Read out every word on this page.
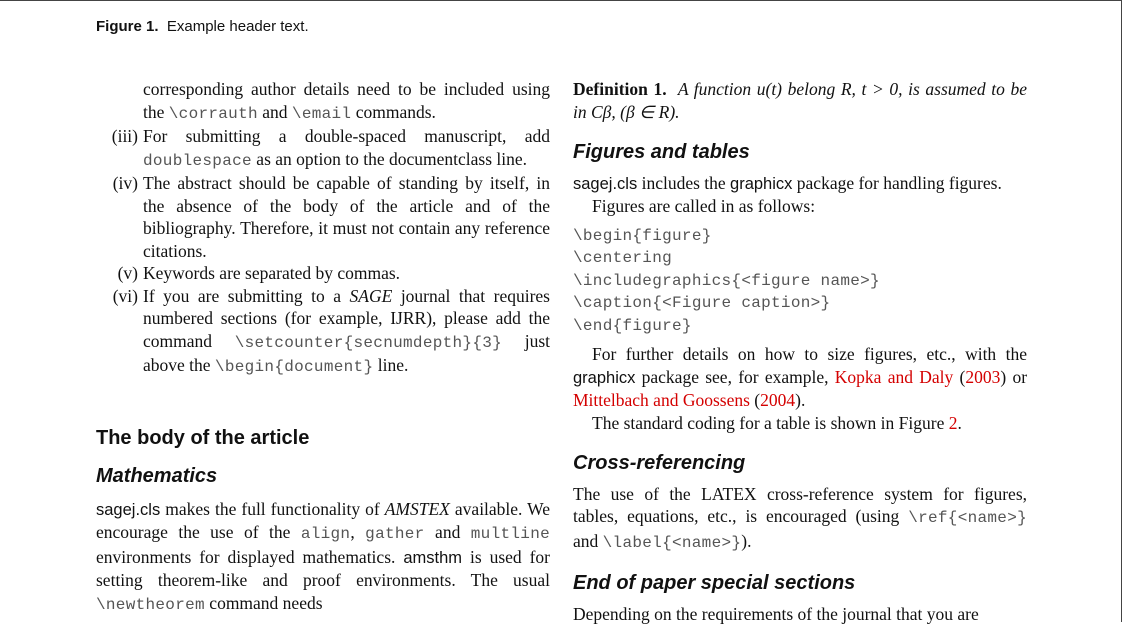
Figure 1. Example header text.
corresponding author details need to be included using the \corrauth and \email commands.
(iii) For submitting a double-spaced manuscript, add doublespace as an option to the documentclass line.
(iv) The abstract should be capable of standing by itself, in the absence of the body of the article and of the bibliography. Therefore, it must not contain any reference citations.
(v) Keywords are separated by commas.
(vi) If you are submitting to a SAGE journal that requires numbered sections (for example, IJRR), please add the command \setcounter{secnumdepth}{3} just above the \begin{document} line.
The body of the article
Mathematics

sagej.cls makes the full functionality of AMSTEX available. We encourage the use of the align, gather and multline environments for displayed mathematics. amsthm is used for setting theorem-like and proof environments. The usual \newtheorem command needs

Definition 1. A function u(t) belong R, t > 0, is assumed to be in Cβ, (β ∈ R).

Figures and tables

sagej.cls includes the graphicx package for handling figures.

Figures are called in as follows:

\begin{figure}
\centering
\includegraphics{<figure name>}
\caption{<Figure caption>}
\end{figure}

For further details on how to size figures, etc., with the graphicx package see, for example, Kopka and Daly (2003) or Mittelbach and Goossens (2004).

The standard coding for a table is shown in Figure 2.

Cross-referencing

The use of the LATEX cross-reference system for figures, tables, equations, etc., is encouraged (using \ref{<name>} and \label{<name>}).

End of paper special sections

Depending on the requirements of the journal that you are
